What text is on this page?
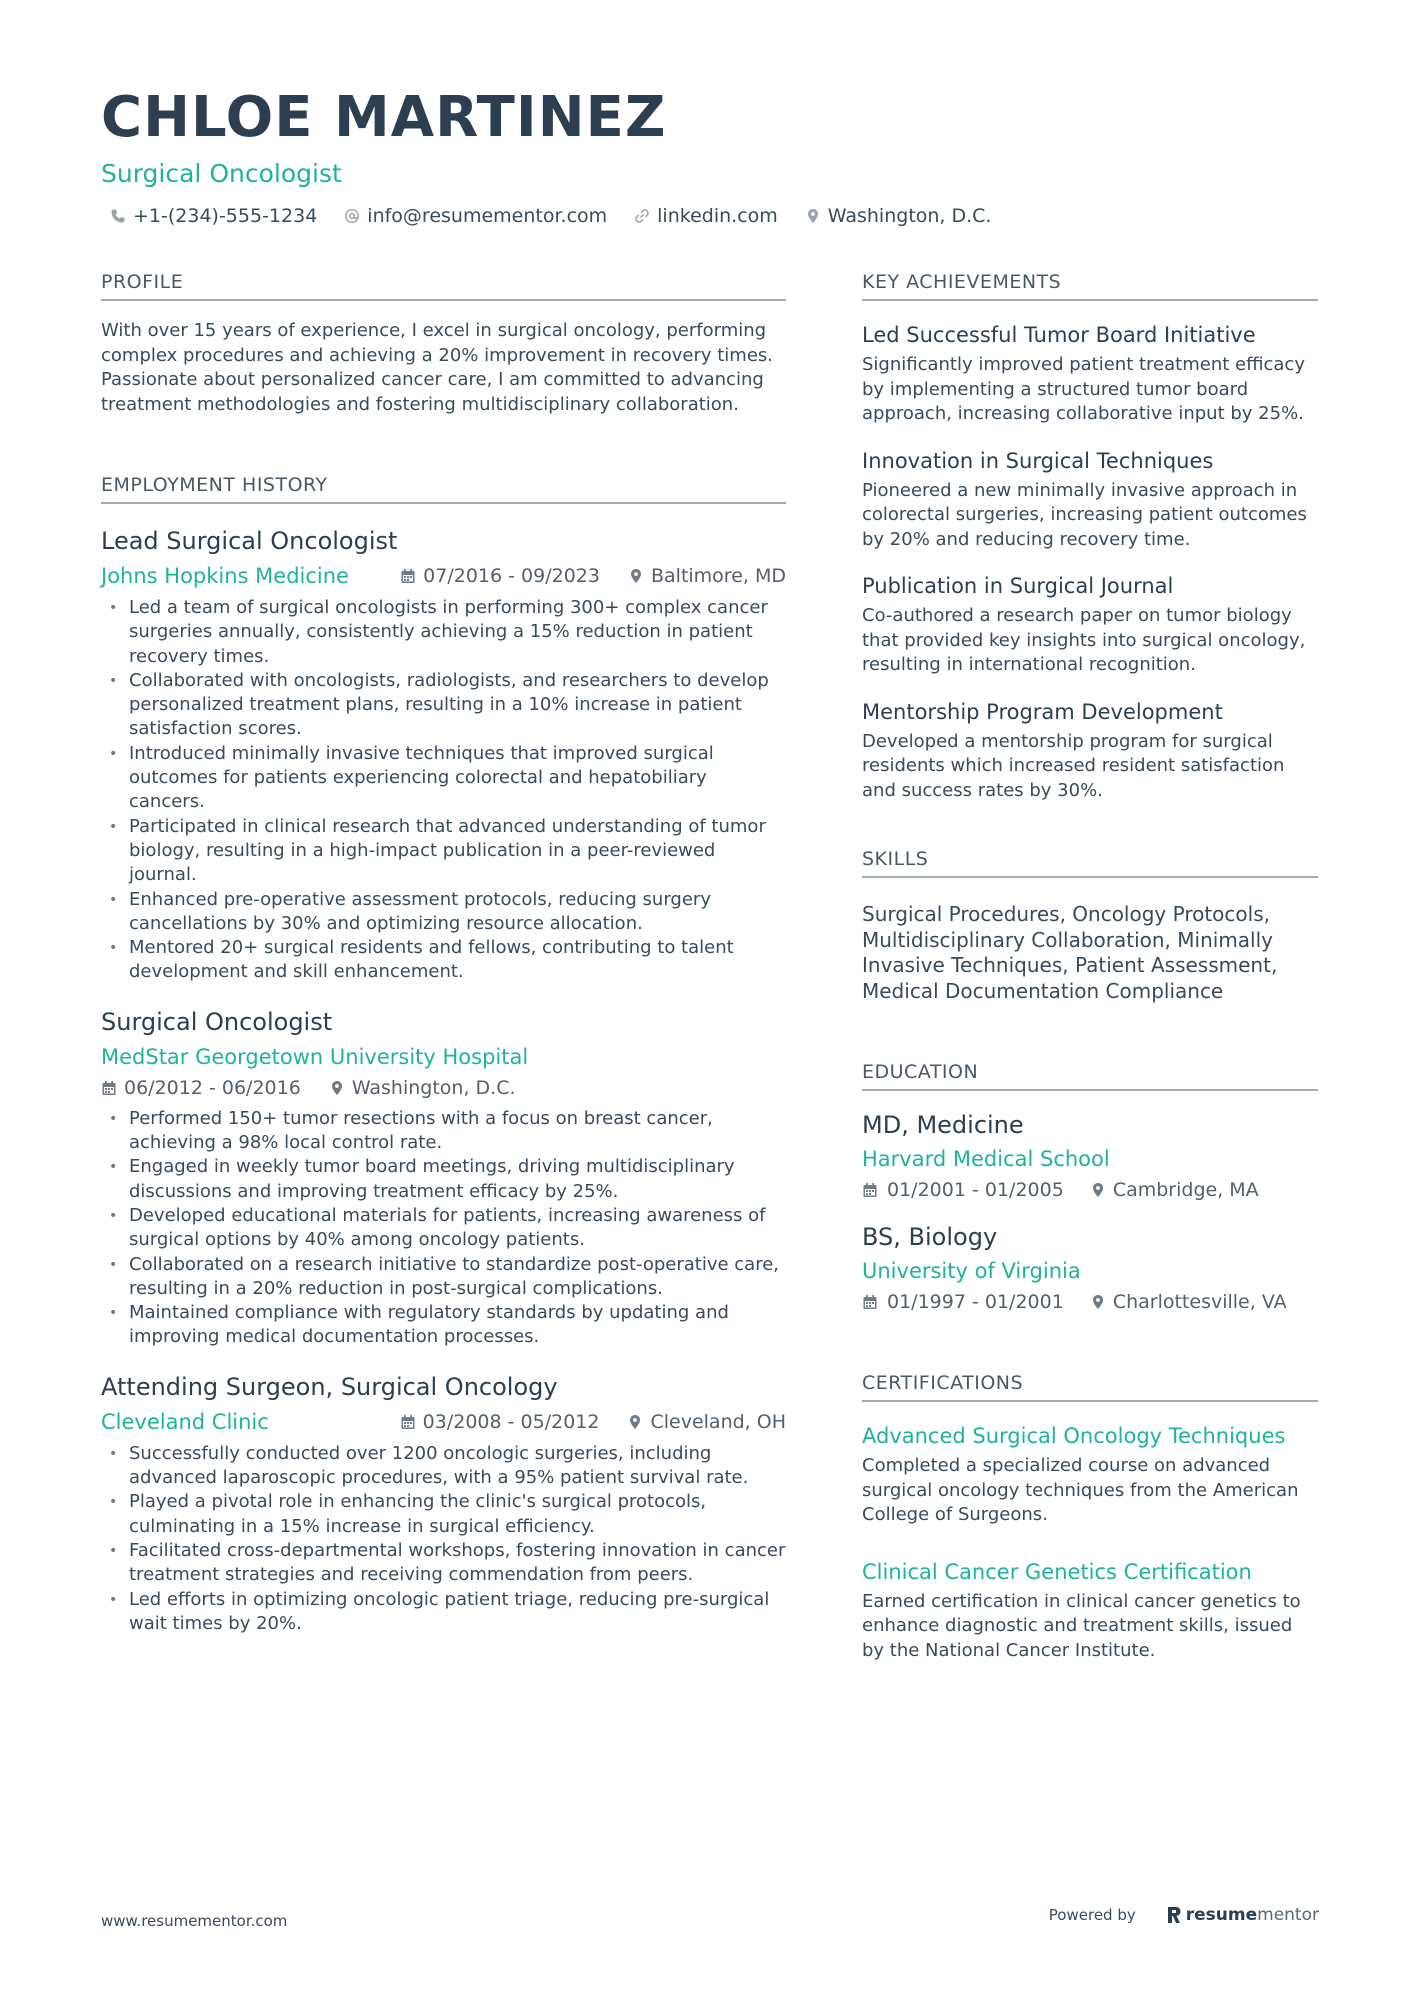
CHLOE MARTINEZ
Surgical Oncologist
+1-(234)-555-1234	info@resumementor.com	linkedin.com	Washington, D.C.
PROFILE

With over 15 years of experience, I excel in surgical oncology, performing complex procedures and achieving a 20% improvement in recovery times. Passionate about personalized cancer care, I am committed to advancing treatment methodologies and fostering multidisciplinary collaboration.

EMPLOYMENT HISTORY
Lead Surgical Oncologist
Johns Hopkins Medicine	07/2016 - 09/2023	Baltimore, MD
• Led a team of surgical oncologists in performing 300+ complex cancer surgeries annually, consistently achieving a 15% reduction in patient recovery times.
• Collaborated with oncologists, radiologists, and researchers to develop personalized treatment plans, resulting in a 10% increase in patient satisfaction scores.
• Introduced minimally invasive techniques that improved surgical outcomes for patients experiencing colorectal and hepatobiliary cancers.
• Participated in clinical research that advanced understanding of tumor biology, resulting in a high-impact publication in a peer-reviewed journal.
• Enhanced pre-operative assessment protocols, reducing surgery cancellations by 30% and optimizing resource allocation.
• Mentored 20+ surgical residents and fellows, contributing to talent development and skill enhancement.
Surgical Oncologist
MedStar Georgetown University Hospital
06/2012 - 06/2016	Washington, D.C.
• Performed 150+ tumor resections with a focus on breast cancer, achieving a 98% local control rate.
• Engaged in weekly tumor board meetings, driving multidisciplinary discussions and improving treatment efficacy by 25%.
• Developed educational materials for patients, increasing awareness of surgical options by 40% among oncology patients.
• Collaborated on a research initiative to standardize post-operative care, resulting in a 20% reduction in post-surgical complications.
• Maintained compliance with regulatory standards by updating and improving medical documentation processes.
Attending Surgeon, Surgical Oncology
Cleveland Clinic	03/2008 - 05/2012	Cleveland, OH
• Successfully conducted over 1200 oncologic surgeries, including advanced laparoscopic procedures, with a 95% patient survival rate.
• Played a pivotal role in enhancing the clinic's surgical protocols, culminating in a 15% increase in surgical efficiency.
• Facilitated cross-departmental workshops, fostering innovation in cancer treatment strategies and receiving commendation from peers.
• Led efforts in optimizing oncologic patient triage, reducing pre-surgical wait times by 20%.
KEY ACHIEVEMENTS
Led Successful Tumor Board Initiative
Significantly improved patient treatment efficacy by implementing a structured tumor board approach, increasing collaborative input by 25%.
Innovation in Surgical Techniques
Pioneered a new minimally invasive approach in colorectal surgeries, increasing patient outcomes by 20% and reducing recovery time.
Publication in Surgical Journal
Co-authored a research paper on tumor biology that provided key insights into surgical oncology, resulting in international recognition.
Mentorship Program Development
Developed a mentorship program for surgical residents which increased resident satisfaction and success rates by 30%.
SKILLS
Surgical Procedures, Oncology Protocols, Multidisciplinary Collaboration, Minimally Invasive Techniques, Patient Assessment, Medical Documentation Compliance
EDUCATION
MD, Medicine
Harvard Medical School
01/2001 - 01/2005	Cambridge, MA
BS, Biology
University of Virginia
01/1997 - 01/2001	Charlottesville, VA
CERTIFICATIONS
Advanced Surgical Oncology Techniques
Completed a specialized course on advanced surgical oncology techniques from the American College of Surgeons.
Clinical Cancer Genetics Certification
Earned certification in clinical cancer genetics to enhance diagnostic and treatment skills, issued by the National Cancer Institute.
www.resumementor.com	Powered by	resume mentor
